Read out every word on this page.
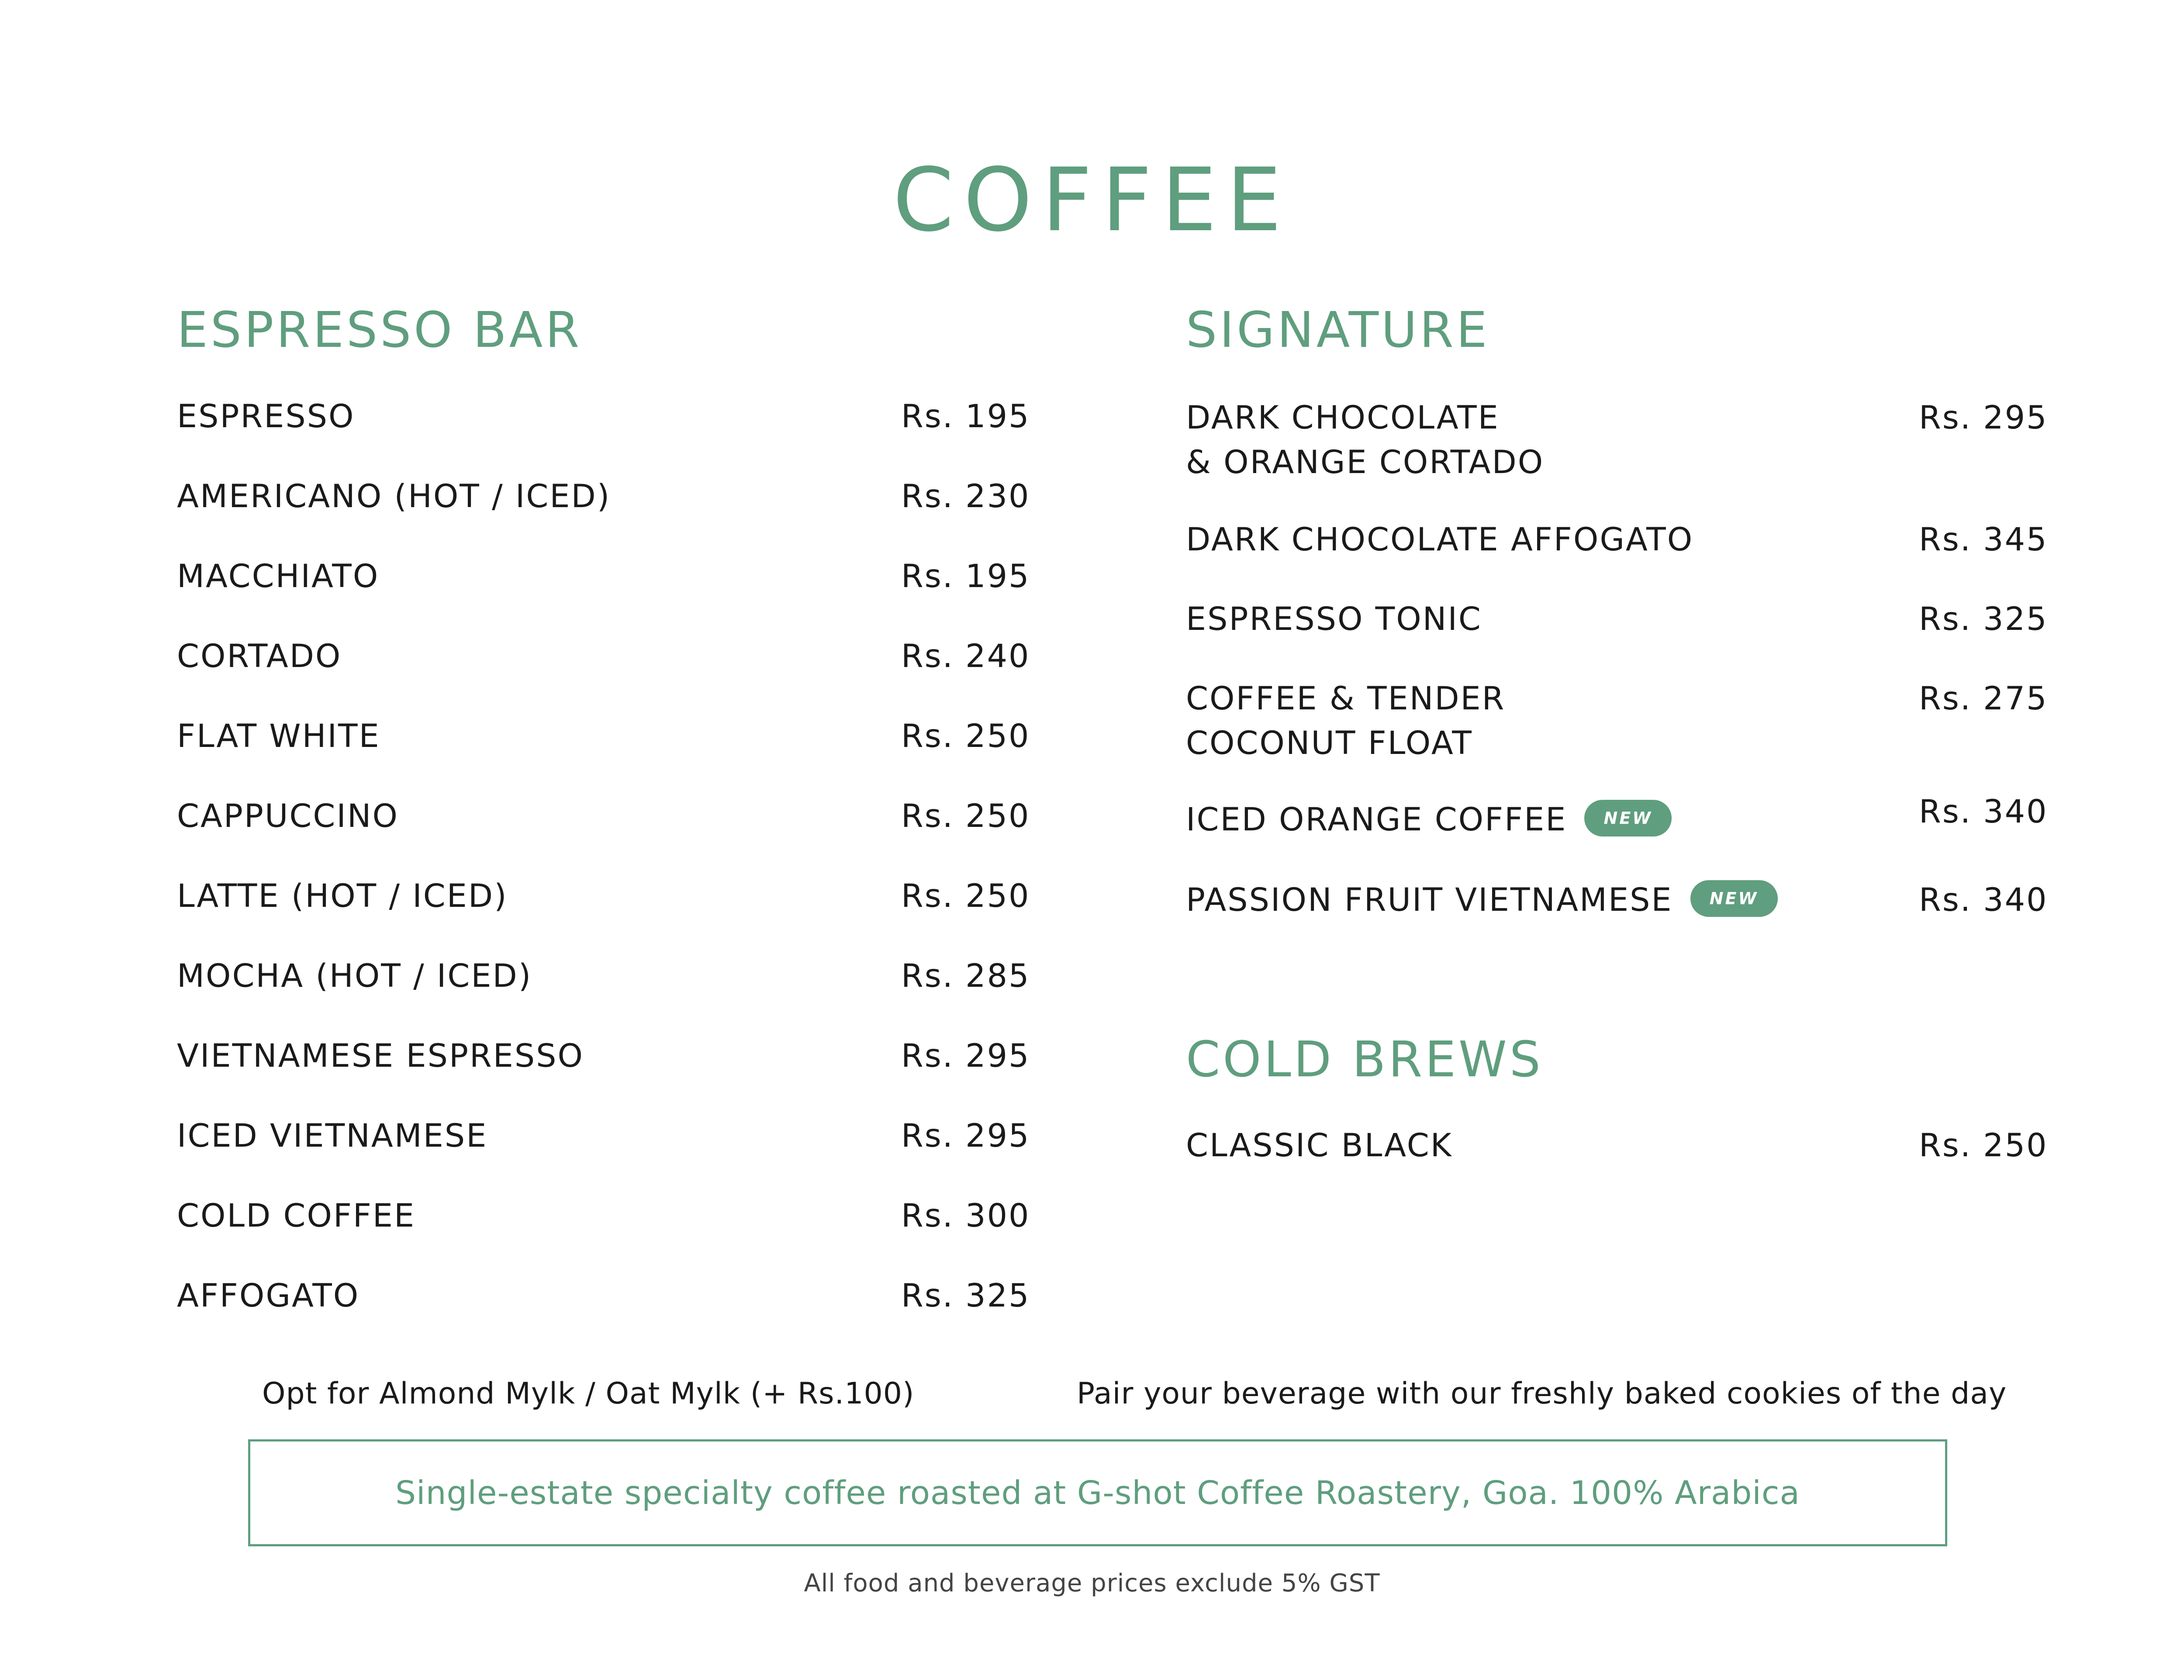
COFFEE
ESPRESSO BAR
ESPRESSO	Rs. 195
AMERICANO (HOT / ICED)	Rs. 230
MACCHIATO	Rs. 195
CORTADO	Rs. 240
FLAT WHITE	Rs. 250
CAPPUCCINO	Rs. 250
LATTE (HOT / ICED)	Rs. 250
MOCHA (HOT / ICED)	Rs. 285
VIETNAMESE ESPRESSO	Rs. 295
ICED VIETNAMESE	Rs. 295
COLD COFFEE	Rs. 300
AFFOGATO	Rs. 325
SIGNATURE
DARK CHOCOLATE
& ORANGE CORTADO
Rs. 295
DARK CHOCOLATE AFFOGATO	Rs. 345
ESPRESSO TONIC	Rs. 325
COFFEE & TENDER
COCONUT FLOAT
Rs. 275
ICED ORANGE COFFEE NEW	Rs. 340
PASSION FRUIT VIETNAMESE NEW	Rs. 340
COLD BREWS
CLASSIC BLACK	Rs. 250
Opt for Almond Mylk / Oat Mylk (+ Rs.100)	Pair your beverage with our freshly baked cookies of the day
Single-estate specialty coffee roasted at G-shot Coffee Roastery, Goa. 100% Arabica
All food and beverage prices exclude 5% GST
